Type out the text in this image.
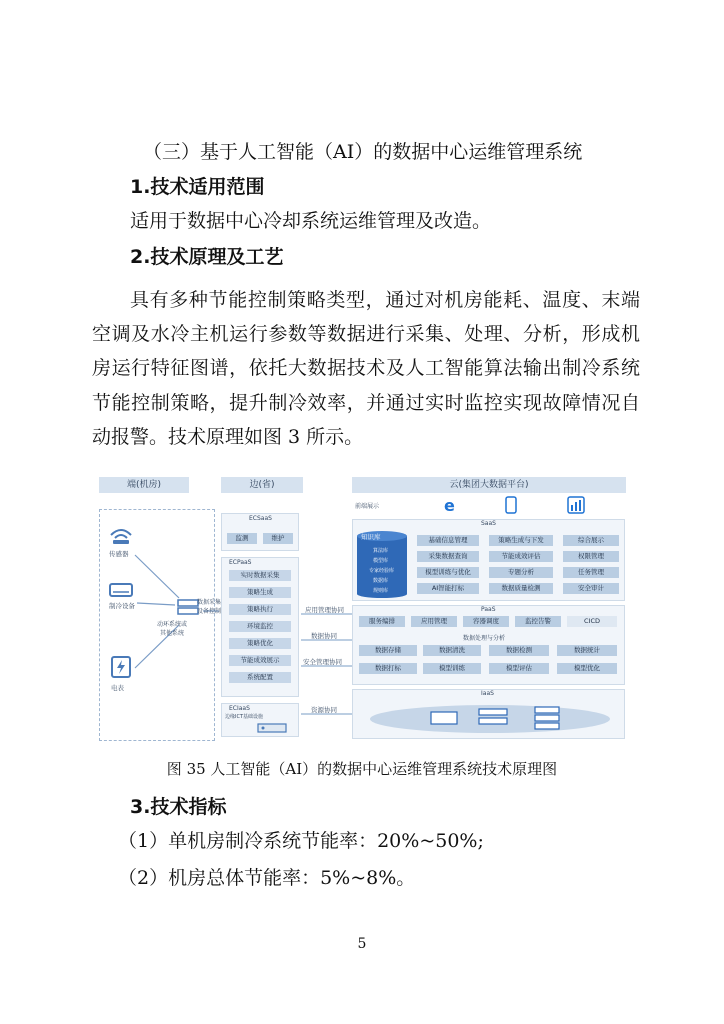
（三）基于人工智能（AI）的数据中心运维管理系统
1.技术适用范围
适用于数据中心冷却系统运维管理及改造。
2.技术原理及工艺
具有多种节能控制策略类型，通过对机房能耗、温度、末端空调及水冷主机运行参数等数据进行采集、处理、分析，形成机房运行特征图谱，依托大数据技术及人工智能算法输出制冷系统节能控制策略，提升制冷效率，并通过实时监控实现故障情况自动报警。技术原理如图 3 所示。
端(机房)	边(省)	云(集团大数据平台)
传感器
制冷设备
电表
动环系统或
其他系统
数据采集
设备控制
ECSaaS
监测	维护
ECPaaS
实时数据采集
策略生成
策略执行
环境监控
策略优化
节能成效展示
系统配置
ECIaaS
边缘ICT基础设施
应用管理协同
数据协同
安全管理协同
资源协同
前端展示	e
SaaS
知识库
算法库
模型库
专家经验库
数据库
规则库
基础信息管理	策略生成与下发	综合展示
采集数据查询	节能成效评估	权限管理
模型训练与优化	专题分析	任务管理
AI智能打标	数据质量检测	安全审计
PaaS
服务编排	应用管理	容器调度	监控告警	CICD
数据处理与分析
数据存储	数据清洗	数据检测	数据统计
数据打标	模型训练	模型评估	模型优化
IaaS
图 35 人工智能（AI）的数据中心运维管理系统技术原理图
3.技术指标
（1）单机房制冷系统节能率：20%~50%;
（2）机房总体节能率：5%~8%。
5
